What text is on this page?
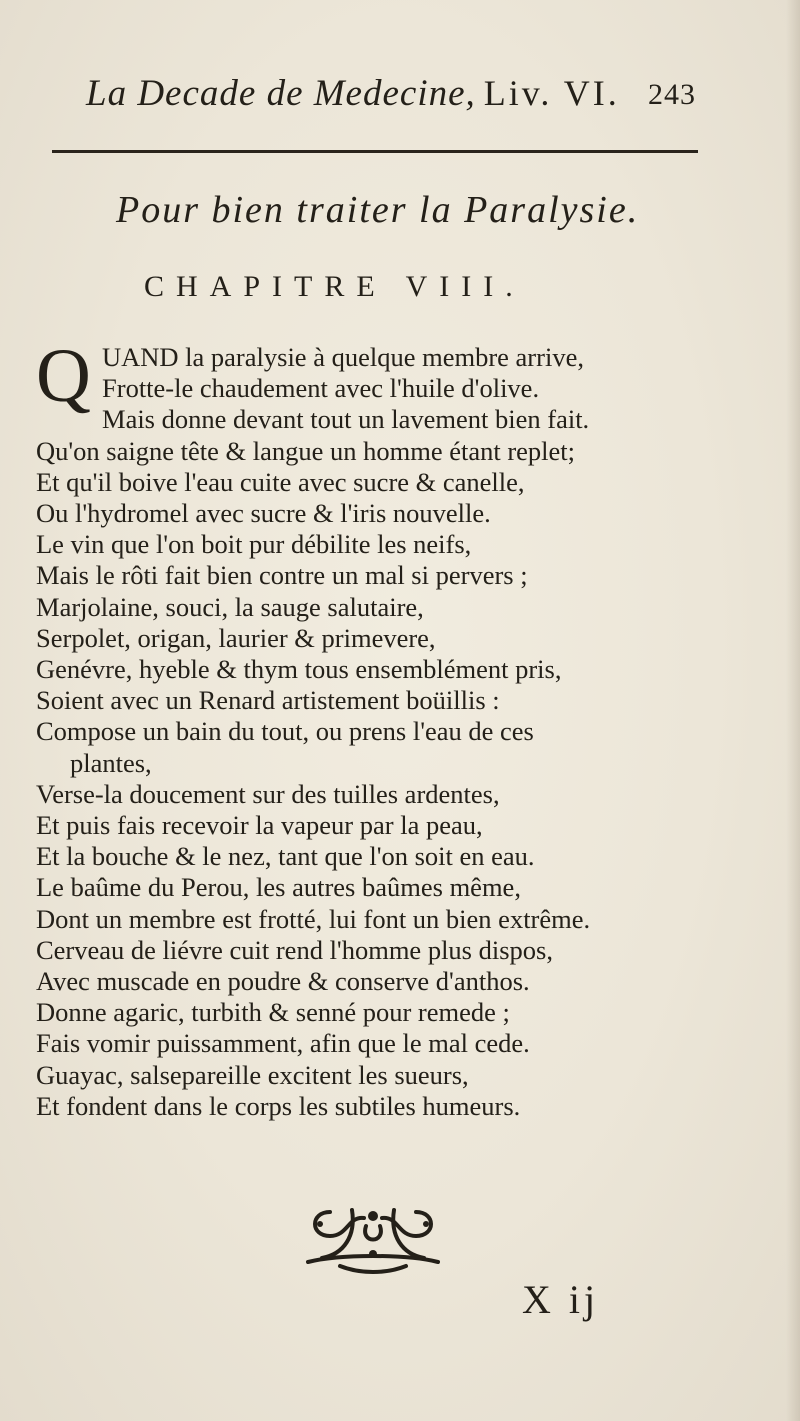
La Decade de Medecine, Liv. VI. 243
Pour bien traiter la Paralysie.
CHAPITRE VIII.
Q UAND la paralysie à quelque membre arrive,
Frotte-le chaudement avec l'huile d'olive.
Mais donne devant tout un lavement bien fait.
Qu'on saigne tête & langue un homme étant replet;
Et qu'il boive l'eau cuite avec sucre & canelle,
Ou l'hydromel avec sucre & l'iris nouvelle.
Le vin que l'on boit pur débilite les neifs,
Mais le rôti fait bien contre un mal si pervers ;
Marjolaine, souci, la sauge salutaire,
Serpolet, origan, laurier & primevere,
Genévre, hyeble & thym tous ensemblément pris,
Soient avec un Renard artistement boüillis :
Compose un bain du tout, ou prens l'eau de ces
plantes,
Verse-la doucement sur des tuilles ardentes,
Et puis fais recevoir la vapeur par la peau,
Et la bouche & le nez, tant que l'on soit en eau.
Le baûme du Perou, les autres baûmes même,
Dont un membre est frotté, lui font un bien extrême.
Cerveau de liévre cuit rend l'homme plus dispos,
Avec muscade en poudre & conserve d'anthos.
Donne agaric, turbith & senné pour remede ;
Fais vomir puissamment, afin que le mal cede.
Guayac, salsepareille excitent les sueurs,
Et fondent dans le corps les subtiles humeurs.
X ij
